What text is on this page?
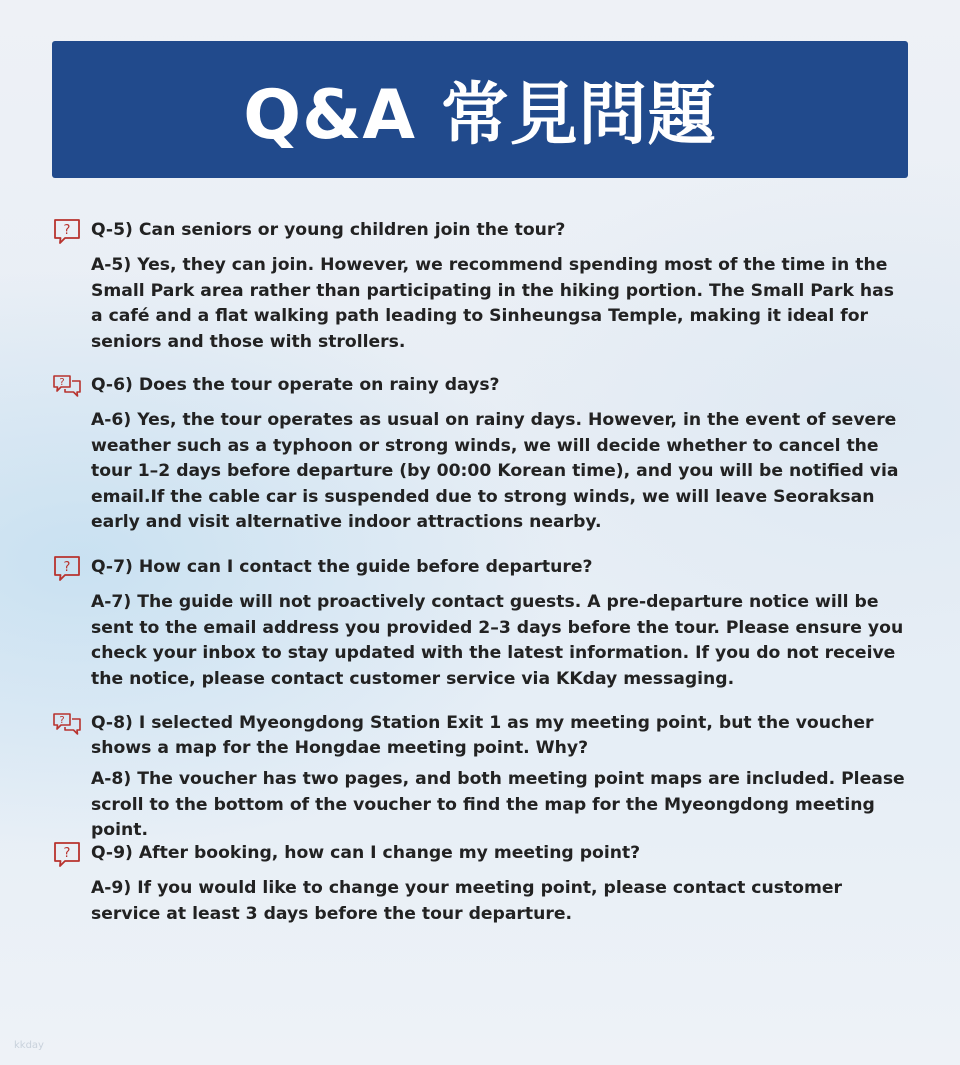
Q&A 常見問題
? Q-5) Can seniors or young children join the tour?
A-5) Yes, they can join. However, we recommend spending most of the time in the Small Park area rather than participating in the hiking portion. The Small Park has a café and a flat walking path leading to Sinheungsa Temple, making it ideal for seniors and those with strollers.
? Q-6) Does the tour operate on rainy days?
A-6) Yes, the tour operates as usual on rainy days. However, in the event of severe weather such as a typhoon or strong winds, we will decide whether to cancel the tour 1–2 days before departure (by 00:00 Korean time), and you will be notified via email.If the cable car is suspended due to strong winds, we will leave Seoraksan early and visit alternative indoor attractions nearby.
? Q-7) How can I contact the guide before departure?
A-7) The guide will not proactively contact guests. A pre-departure notice will be sent to the email address you provided 2–3 days before the tour. Please ensure you check your inbox to stay updated with the latest information. If you do not receive the notice, please contact customer service via KKday messaging.
? Q-8) I selected Myeongdong Station Exit 1 as my meeting point, but the voucher shows a map for the Hongdae meeting point. Why?
A-8) The voucher has two pages, and both meeting point maps are included. Please scroll to the bottom of the voucher to find the map for the Myeongdong meeting point.
? Q-9) After booking, how can I change my meeting point?
A-9) If you would like to change your meeting point, please contact customer service at least 3 days before the tour departure.
kkday
